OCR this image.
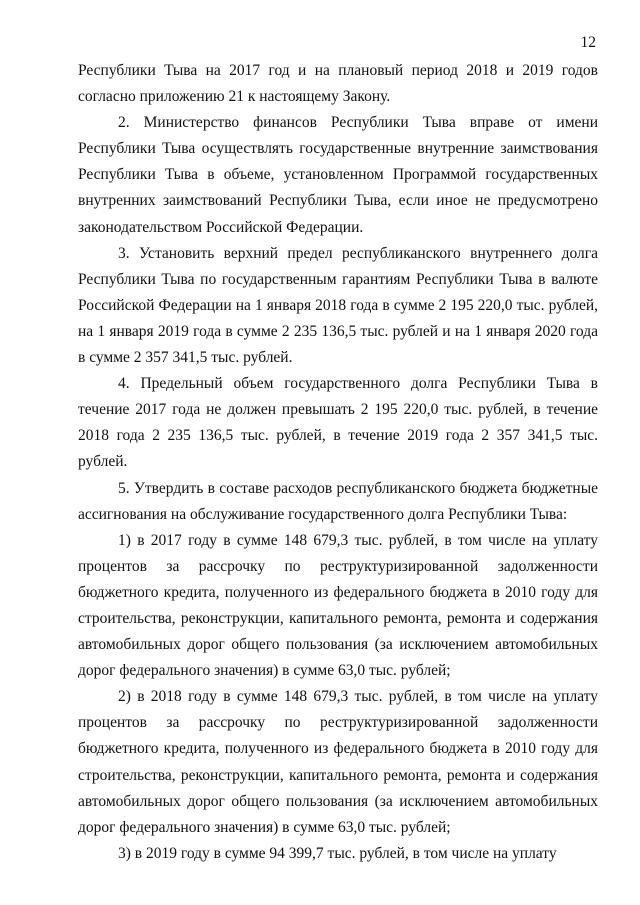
12

Республики Тыва на 2017 год и на плановый период 2018 и 2019 годов согласно приложению 21 к настоящему Закону.

2. Министерство финансов Республики Тыва вправе от имени Республики Тыва осуществлять государственные внутренние заимствования Республики Тыва в объеме, установленном Программой государственных внутренних заимствований Республики Тыва, если иное не предусмотрено законодательством Российской Федерации.

3. Установить верхний предел республиканского внутреннего долга Республики Тыва по государственным гарантиям Республики Тыва в валюте Российской Федерации на 1 января 2018 года в сумме 2 195 220,0 тыс. рублей, на 1 января 2019 года в сумме 2 235 136,5 тыс. рублей и на 1 января 2020 года в сумме 2 357 341,5 тыс. рублей.

4. Предельный объем государственного долга Республики Тыва в течение 2017 года не должен превышать 2 195 220,0 тыс. рублей, в течение 2018 года 2 235 136,5 тыс. рублей, в течение 2019 года 2 357 341,5 тыс. рублей.

5. Утвердить в составе расходов республиканского бюджета бюджетные ассигнования на обслуживание государственного долга Республики Тыва:

1) в 2017 году в сумме 148 679,3 тыс. рублей, в том числе на уплату процентов за рассрочку по реструктуризированной задолженности бюджетного кредита, полученного из федерального бюджета в 2010 году для строительства, реконструкции, капитального ремонта, ремонта и содержания автомобильных дорог общего пользования (за исключением автомобильных дорог федерального значения) в сумме 63,0 тыс. рублей;

2) в 2018 году в сумме 148 679,3 тыс. рублей, в том числе на уплату процентов за рассрочку по реструктуризированной задолженности бюджетного кредита, полученного из федерального бюджета в 2010 году для строительства, реконструкции, капитального ремонта, ремонта и содержания автомобильных дорог общего пользования (за исключением автомобильных дорог федерального значения) в сумме 63,0 тыс. рублей;

3) в 2019 году в сумме 94 399,7 тыс. рублей, в том числе на уплату
